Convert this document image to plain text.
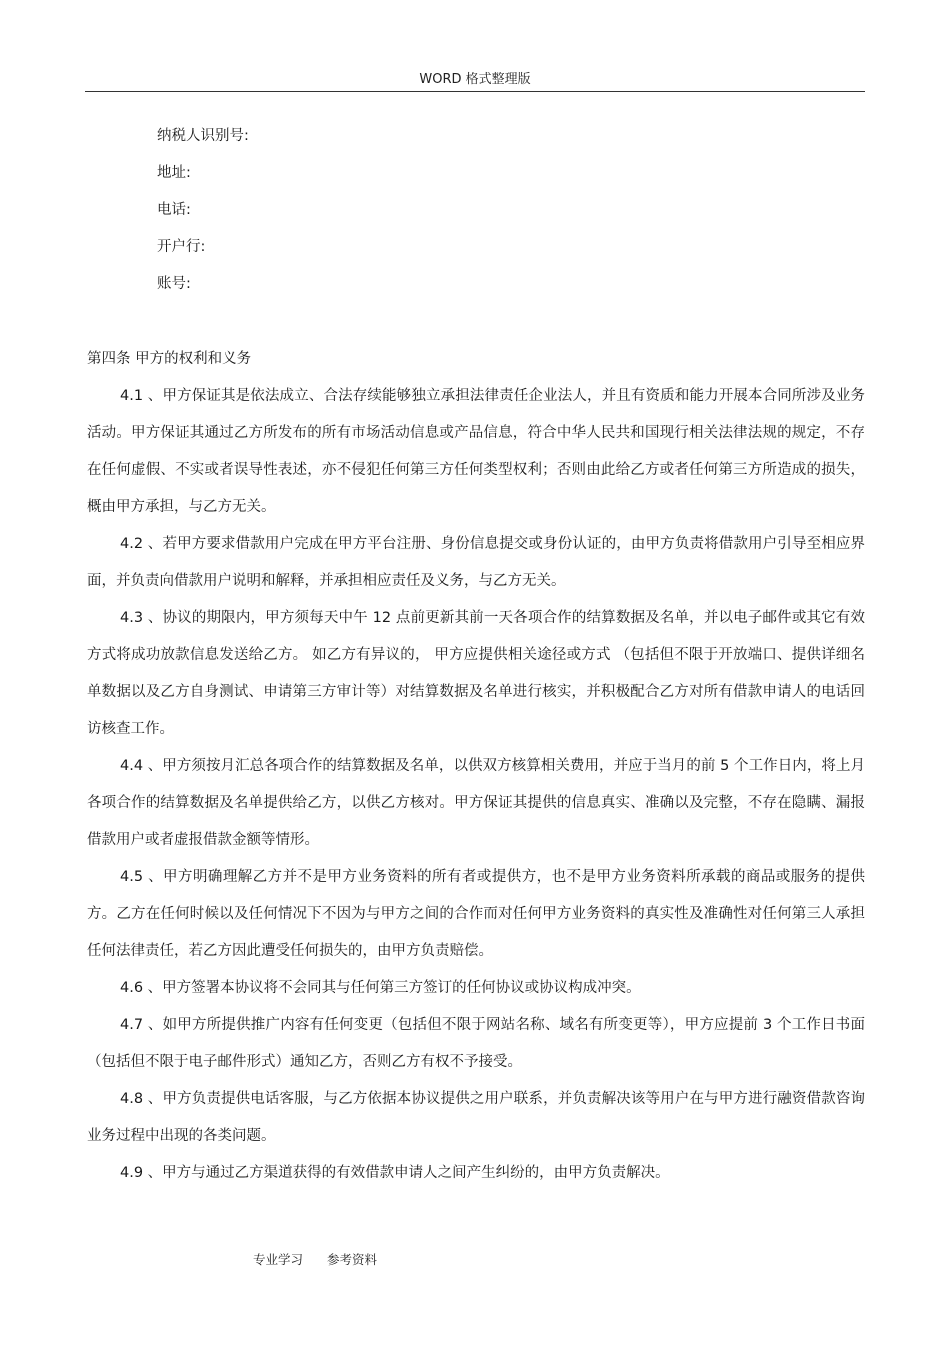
WORD 格式整理版
纳税人识别号:
地址:
电话:
开户行:
账号:
第四条 甲方的权利和义务

4.1 、甲方保证其是依法成立、合法存续能够独立承担法律责任企业法人，并且有资质和能力开展本合同所涉及业务活动。甲方保证其通过乙方所发布的所有市场活动信息或产品信息，符合中华人民共和国现行相关法律法规的规定，不存在任何虚假、不实或者误导性表述，亦不侵犯任何第三方任何类型权利；否则由此给乙方或者任何第三方所造成的损失，概由甲方承担，与乙方无关。

4.2 、若甲方要求借款用户完成在甲方平台注册、身份信息提交或身份认证的，由甲方负责将借款用户引导至相应界面，并负责向借款用户说明和解释，并承担相应责任及义务，与乙方无关。

4.3 、协议的期限内，甲方须每天中午 12 点前更新其前一天各项合作的结算数据及名单，并以电子邮件或其它有效方式将成功放款信息发送给乙方。 如乙方有异议的， 甲方应提供相关途径或方式 （包括但不限于开放端口、提供详细名单数据以及乙方自身测试、申请第三方审计等）对结算数据及名单进行核实，并积极配合乙方对所有借款申请人的电话回访核查工作。

4.4 、甲方须按月汇总各项合作的结算数据及名单，以供双方核算相关费用，并应于当月的前 5 个工作日内，将上月各项合作的结算数据及名单提供给乙方，以供乙方核对。甲方保证其提供的信息真实、准确以及完整，不存在隐瞒、漏报借款用户或者虚报借款金额等情形。

4.5 、甲方明确理解乙方并不是甲方业务资料的所有者或提供方，也不是甲方业务资料所承载的商品或服务的提供方。乙方在任何时候以及任何情况下不因为与甲方之间的合作而对任何甲方业务资料的真实性及准确性对任何第三人承担任何法律责任，若乙方因此遭受任何损失的，由甲方负责赔偿。

4.6 、甲方签署本协议将不会同其与任何第三方签订的任何协议或协议构成冲突。

4.7 、如甲方所提供推广内容有任何变更（包括但不限于网站名称、域名有所变更等），甲方应提前 3 个工作日书面（包括但不限于电子邮件形式）通知乙方，否则乙方有权不予接受。

4.8 、甲方负责提供电话客服，与乙方依据本协议提供之用户联系，并负责解决该等用户在与甲方进行融资借款咨询业务过程中出现的各类问题。

4.9 、甲方与通过乙方渠道获得的有效借款申请人之间产生纠纷的，由甲方负责解决。

专业学习 参考资料
